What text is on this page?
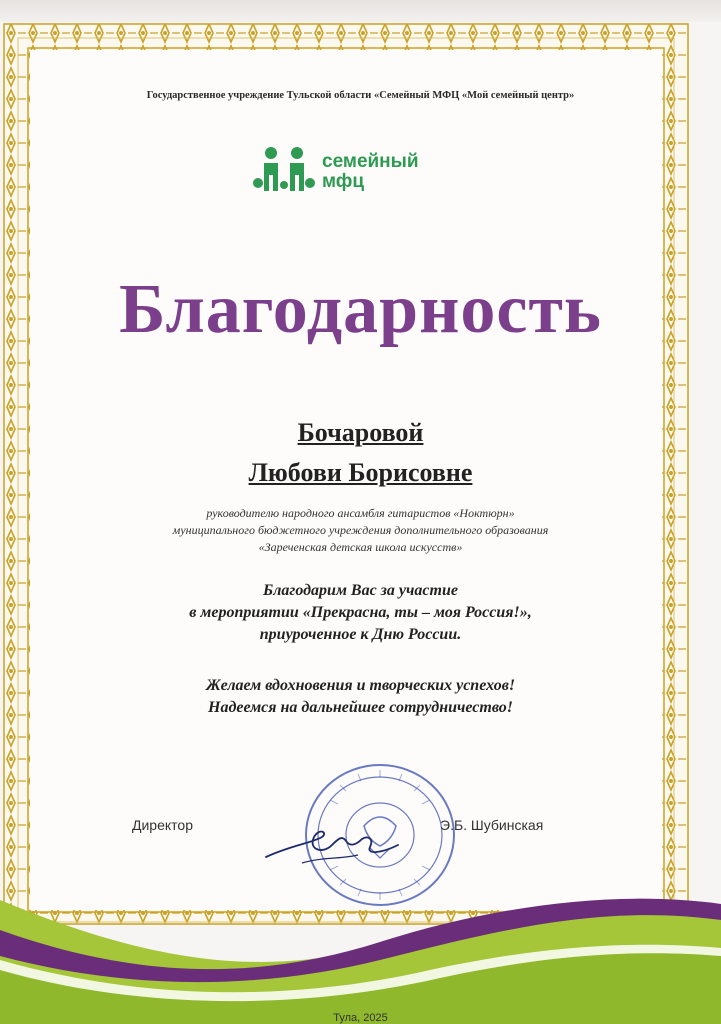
Государственное учреждение Тульской области «Семейный МФЦ «Мой семейный центр»
семейный
мфц
Благодарность
Бочаровой
Любови Борисовне
руководителю народного ансамбля гитаристов «Ноктюрн»
муниципального бюджетного учреждения дополнительного образования
«Зареченская детская школа искусств»
Благодарим Вас за участие
в мероприятии «Прекрасна, ты – моя Россия!»,
приуроченное к Дню России.
Желаем вдохновения и творческих успехов!
Надеемся на дальнейшее сотрудничество!
Директор	Э.Б. Шубинская
Тула, 2025
